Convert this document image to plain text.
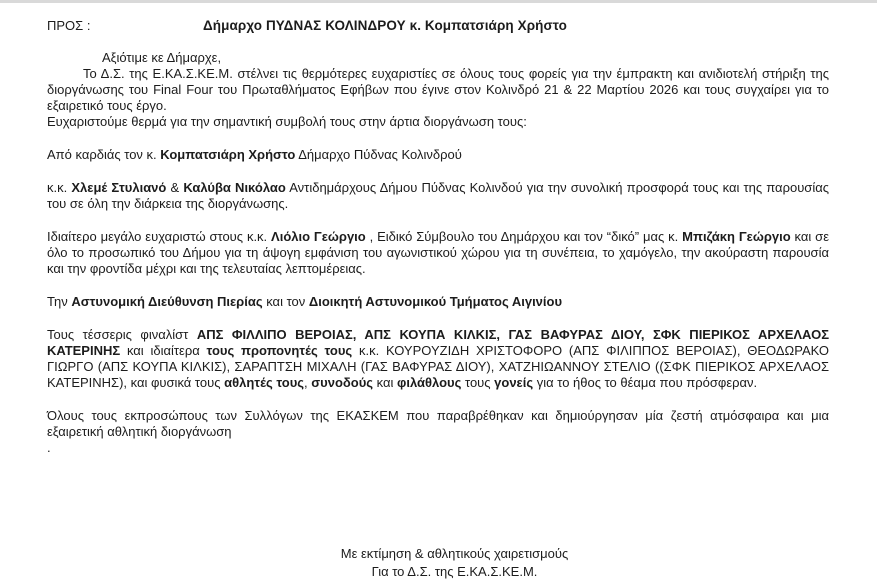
ΠΡΟΣ :	Δήμαρχο ΠΥΔΝΑΣ ΚΟΛΙΝΔΡΟΥ κ. Κομπατσιάρη Χρήστο

Αξιότιμε κε Δήμαρχε,

Το Δ.Σ. της Ε.ΚΑ.Σ.ΚΕ.Μ. στέλνει τις θερμότερες ευχαριστίες σε όλους τους φορείς για την έμπρακτη και ανιδιοτελή στήριξη της διοργάνωσης του Final Four του Πρωταθλήματος Εφήβων που έγινε στον Κολινδρό 21 & 22 Μαρτίου 2026 και τους συγχαίρει για το εξαιρετικό τους έργο.

Ευχαριστούμε θερμά για την σημαντική συμβολή τους στην άρτια διοργάνωση τους:

Από καρδιάς τον κ. Κομπατσιάρη Χρήστο Δήμαρχο Πύδνας Κολινδρού

κ.κ. Χλεμέ Στυλιανό & Καλύβα Νικόλαο Αντιδημάρχους Δήμου Πύδνας Κολινδού για την συνολική προσφορά τους και της παρουσίας του σε όλη την διάρκεια της διοργάνωσης.

Ιδιαίτερο μεγάλο ευχαριστώ στους κ.κ. Λιόλιο Γεώργιο , Ειδικό Σύμβουλο του Δημάρχου και τον “δικό” μας κ. Μπιζάκη Γεώργιο και σε όλο το προσωπικό του Δήμου για τη άψογη εμφάνιση του αγωνιστικού χώρου για τη συνέπεια, το χαμόγελο, την ακούραστη παρουσία και την φροντίδα μέχρι και της τελευταίας λεπτομέρειας.

Την Αστυνομική Διεύθυνση Πιερίας και τον Διοικητή Αστυνομικού Τμήματος Αιγινίου

Τους τέσσερις φιναλίστ ΑΠΣ ΦΙΛΛΙΠΟ ΒΕΡΟΙΑΣ, ΑΠΣ ΚΟΥΠΑ ΚΙΛΚΙΣ, ΓΑΣ ΒΑΦΥΡΑΣ ΔΙΟΥ, ΣΦΚ ΠΙΕΡΙΚΟΣ ΑΡΧΕΛΑΟΣ ΚΑΤΕΡΙΝΗΣ και ιδιαίτερα τους προπονητές τους κ.κ. ΚΟΥΡΟΥΖΙΔΗ ΧΡΙΣΤΟΦΟΡΟ (ΑΠΣ ΦΙΛΙΠΠΟΣ ΒΕΡΟΙΑΣ), ΘΕΟΔΩΡΑΚΟ ΓΙΩΡΓΟ (ΑΠΣ ΚΟΥΠΑ ΚΙΛΚΙΣ), ΣΑΡΑΠΤΣΗ ΜΙΧΑΛΗ (ΓΑΣ ΒΑΦΥΡΑΣ ΔΙΟΥ), ΧΑΤΖΗΙΩΑΝΝΟΥ ΣΤΕΛΙΟ ((ΣΦΚ ΠΙΕΡΙΚΟΣ ΑΡΧΕΛΑΟΣ ΚΑΤΕΡΙΝΗΣ), και φυσικά τους αθλητές τους, συνοδούς και φιλάθλους τους γονείς για το ήθος το θέαμα που πρόσφεραν.

Όλους τους εκπροσώπους των Συλλόγων της ΕΚΑΣΚΕΜ που παραβρέθηκαν και δημιούργησαν μία ζεστή ατμόσφαιρα και μια εξαιρετική αθλητική διοργάνωση

.

Με εκτίμηση & αθλητικούς χαιρετισμούς
Για το Δ.Σ. της Ε.ΚΑ.Σ.ΚΕ.Μ.
